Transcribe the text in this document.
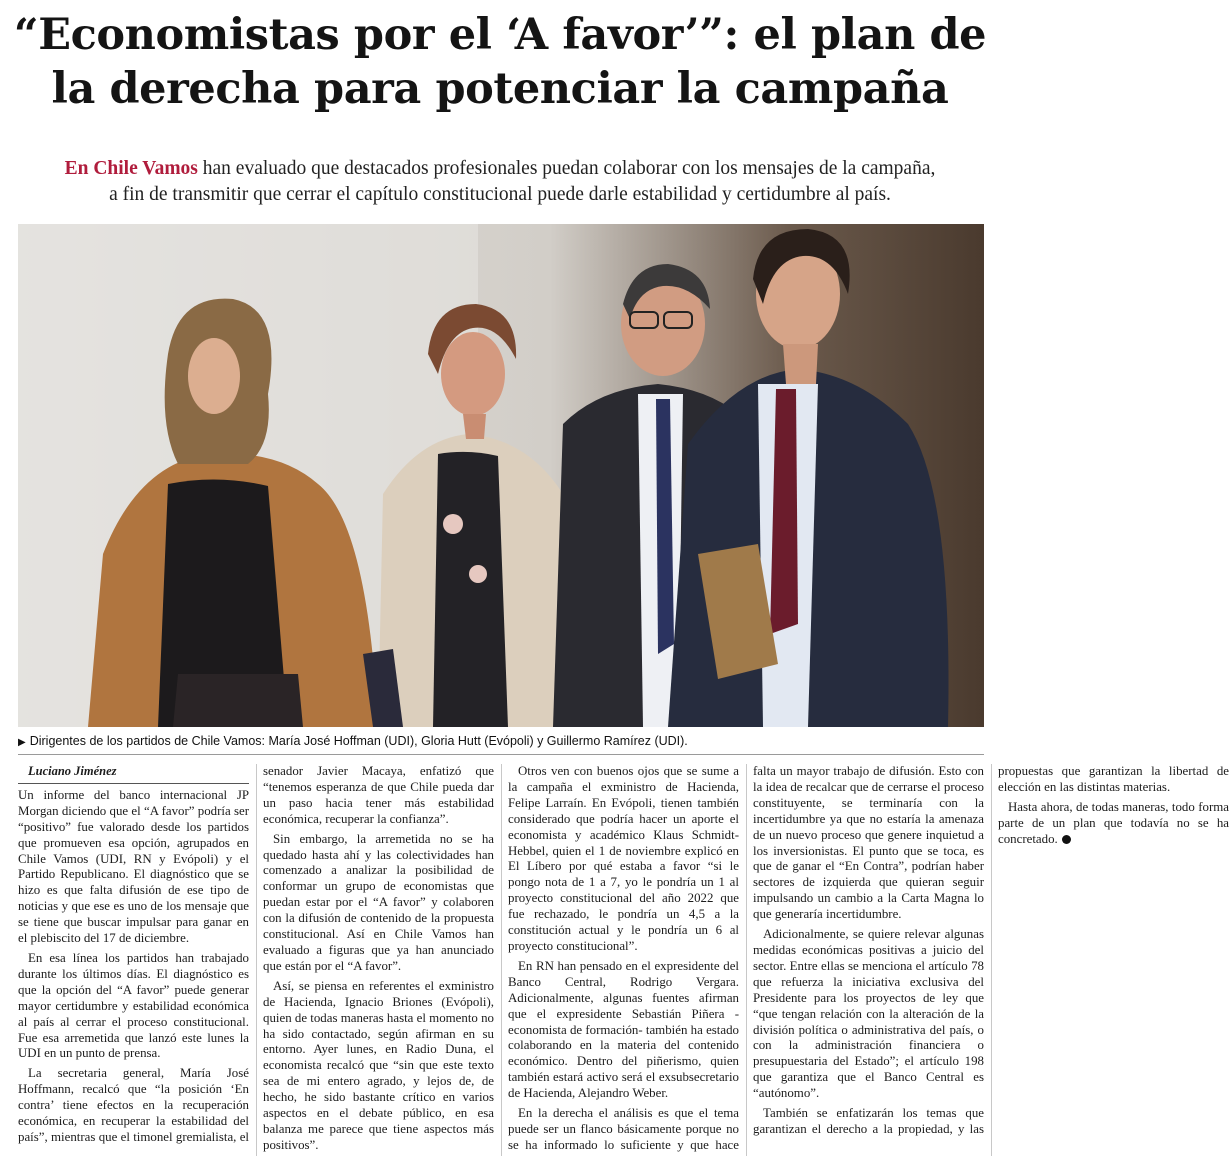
“Economistas por el ‘A favor’”: el plan de la derecha para potenciar la campaña

En Chile Vamos han evaluado que destacados profesionales puedan colaborar con los mensajes de la campaña, a fin de transmitir que cerrar el capítulo constitucional puede darle estabilidad y certidumbre al país.

▶ Dirigentes de los partidos de Chile Vamos: María José Hoffman (UDI), Gloria Hutt (Evópoli) y Guillermo Ramírez (UDI).

Luciano Jiménez

Un informe del banco internacional JP Morgan diciendo que el “A favor” podría ser “positivo” fue valorado desde los partidos que promueven esa opción, agrupados en Chile Vamos (UDI, RN y Evópoli) y el Partido Republicano. El diagnóstico que se hizo es que falta difusión de ese tipo de noticias y que ese es uno de los mensaje que se tiene que buscar impulsar para ganar en el plebiscito del 17 de diciembre.

En esa línea los partidos han trabajado durante los últimos días. El diagnóstico es que la opción del “A favor” puede generar mayor certidumbre y estabilidad económica al país al cerrar el proceso constitucional. Fue esa arremetida que lanzó este lunes la UDI en un punto de prensa.

La secretaria general, María José Hoffmann, recalcó que “la posición ‘En contra’ tiene efectos en la recuperación económica, en recuperar la estabilidad del país”, mientras que el timonel gremialista, el senador Javier Macaya, enfatizó que “tenemos esperanza de que Chile pueda dar un paso hacia tener más estabilidad económica, recuperar la confianza”.

Sin embargo, la arremetida no se ha quedado hasta ahí y las colectividades han comenzado a analizar la posibilidad de conformar un grupo de economistas que puedan estar por el “A favor” y colaboren con la difusión de contenido de la propuesta constitucional. Así en Chile Vamos han evaluado a figuras que ya han anunciado que están por el “A favor”.

Así, se piensa en referentes el exministro de Hacienda, Ignacio Briones (Evópoli), quien de todas maneras hasta el momento no ha sido contactado, según afirman en su entorno. Ayer lunes, en Radio Duna, el economista recalcó que “sin que este texto sea de mi entero agrado, y lejos de, de hecho, he sido bastante crítico en varios aspectos en el debate público, en esa balanza me parece que tiene aspectos más positivos”.

Otros ven con buenos ojos que se sume a la campaña el exministro de Hacienda, Felipe Larraín. En Evópoli, tienen también considerado que podría hacer un aporte el economista y académico Klaus Schmidt-Hebbel, quien el 1 de noviembre explicó en El Líbero por qué estaba a favor “si le pongo nota de 1 a 7, yo le pondría un 1 al proyecto constitucional del año 2022 que fue rechazado, le pondría un 4,5 a la constitución actual y le pondría un 6 al proyecto constitucional”.

En RN han pensado en el expresidente del Banco Central, Rodrigo Vergara. Adicionalmente, algunas fuentes afirman que el expresidente Sebastián Piñera -economista de formación- también ha estado colaborando en la materia del contenido económico. Dentro del piñerismo, quien también estará activo será el exsubsecretario de Hacienda, Alejandro Weber.

En la derecha el análisis es que el tema puede ser un flanco básicamente porque no se ha informado lo suficiente y que hace falta un mayor trabajo de difusión. Esto con la idea de recalcar que de cerrarse el proceso constituyente, se terminaría con la incertidumbre ya que no estaría la amenaza de un nuevo proceso que genere inquietud a los inversionistas. El punto que se toca, es que de ganar el “En Contra”, podrían haber sectores de izquierda que quieran seguir impulsando un cambio a la Carta Magna lo que generaría incertidumbre.

Adicionalmente, se quiere relevar algunas medidas económicas positivas a juicio del sector. Entre ellas se menciona el artículo 78 que refuerza la iniciativa exclusiva del Presidente para los proyectos de ley que “que tengan relación con la alteración de la división política o administrativa del país, o con la administración financiera o presupuestaria del Estado”; el artículo 198 que garantiza que el Banco Central es “autónomo”.

También se enfatizarán los temas que garantizan el derecho a la propiedad, y las propuestas que garantizan la libertad de elección en las distintas materias.

Hasta ahora, de todas maneras, todo forma parte de un plan que todavía no se ha concretado.
